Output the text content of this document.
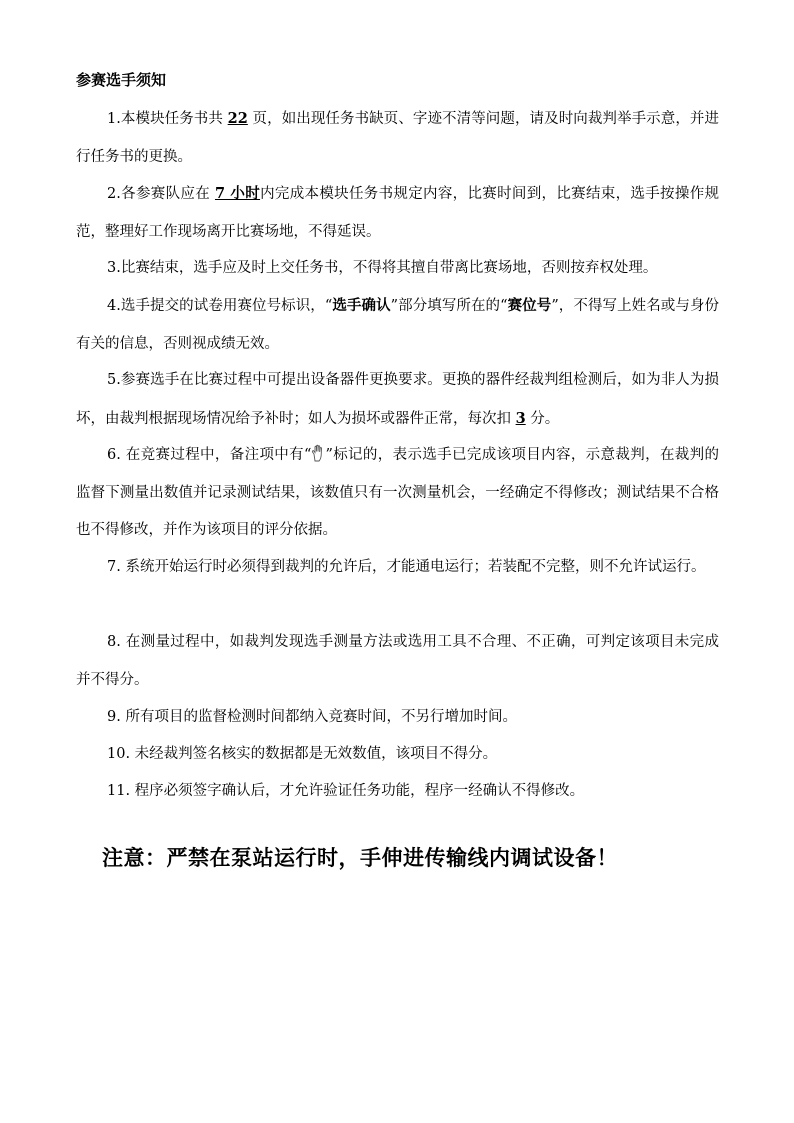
参赛选手须知
1.本模块任务书共 22 页，如出现任务书缺页、字迹不清等问题，请及时向裁判举手示意，并进行任务书的更换。
2.各参赛队应在 7 小时内完成本模块任务书规定内容，比赛时间到，比赛结束，选手按操作规范，整理好工作现场离开比赛场地，不得延误。
3.比赛结束，选手应及时上交任务书，不得将其擅自带离比赛场地，否则按弃权处理。
4.选手提交的试卷用赛位号标识，“选手确认”部分填写所在的“赛位号”，不得写上姓名或与身份有关的信息，否则视成绩无效。
5.参赛选手在比赛过程中可提出设备器件更换要求。更换的器件经裁判组检测后，如为非人为损坏，由裁判根据现场情况给予补时；如人为损坏或器件正常，每次扣 3 分。
6. 在竞赛过程中，备注项中有“ ”标记的，表示选手已完成该项目内容，示意裁判，在裁判的监督下测量出数值并记录测试结果，该数值只有一次测量机会，一经确定不得修改；测试结果不合格也不得修改，并作为该项目的评分依据。
7. 系统开始运行时必须得到裁判的允许后，才能通电运行；若装配不完整，则不允许试运行。
8. 在测量过程中，如裁判发现选手测量方法或选用工具不合理、不正确，可判定该项目未完成并不得分。
9. 所有项目的监督检测时间都纳入竞赛时间，不另行增加时间。
10. 未经裁判签名核实的数据都是无效数值，该项目不得分。
11. 程序必须签字确认后，才允许验证任务功能，程序一经确认不得修改。
注意：严禁在泵站运行时，手伸进传输线内调试设备！
